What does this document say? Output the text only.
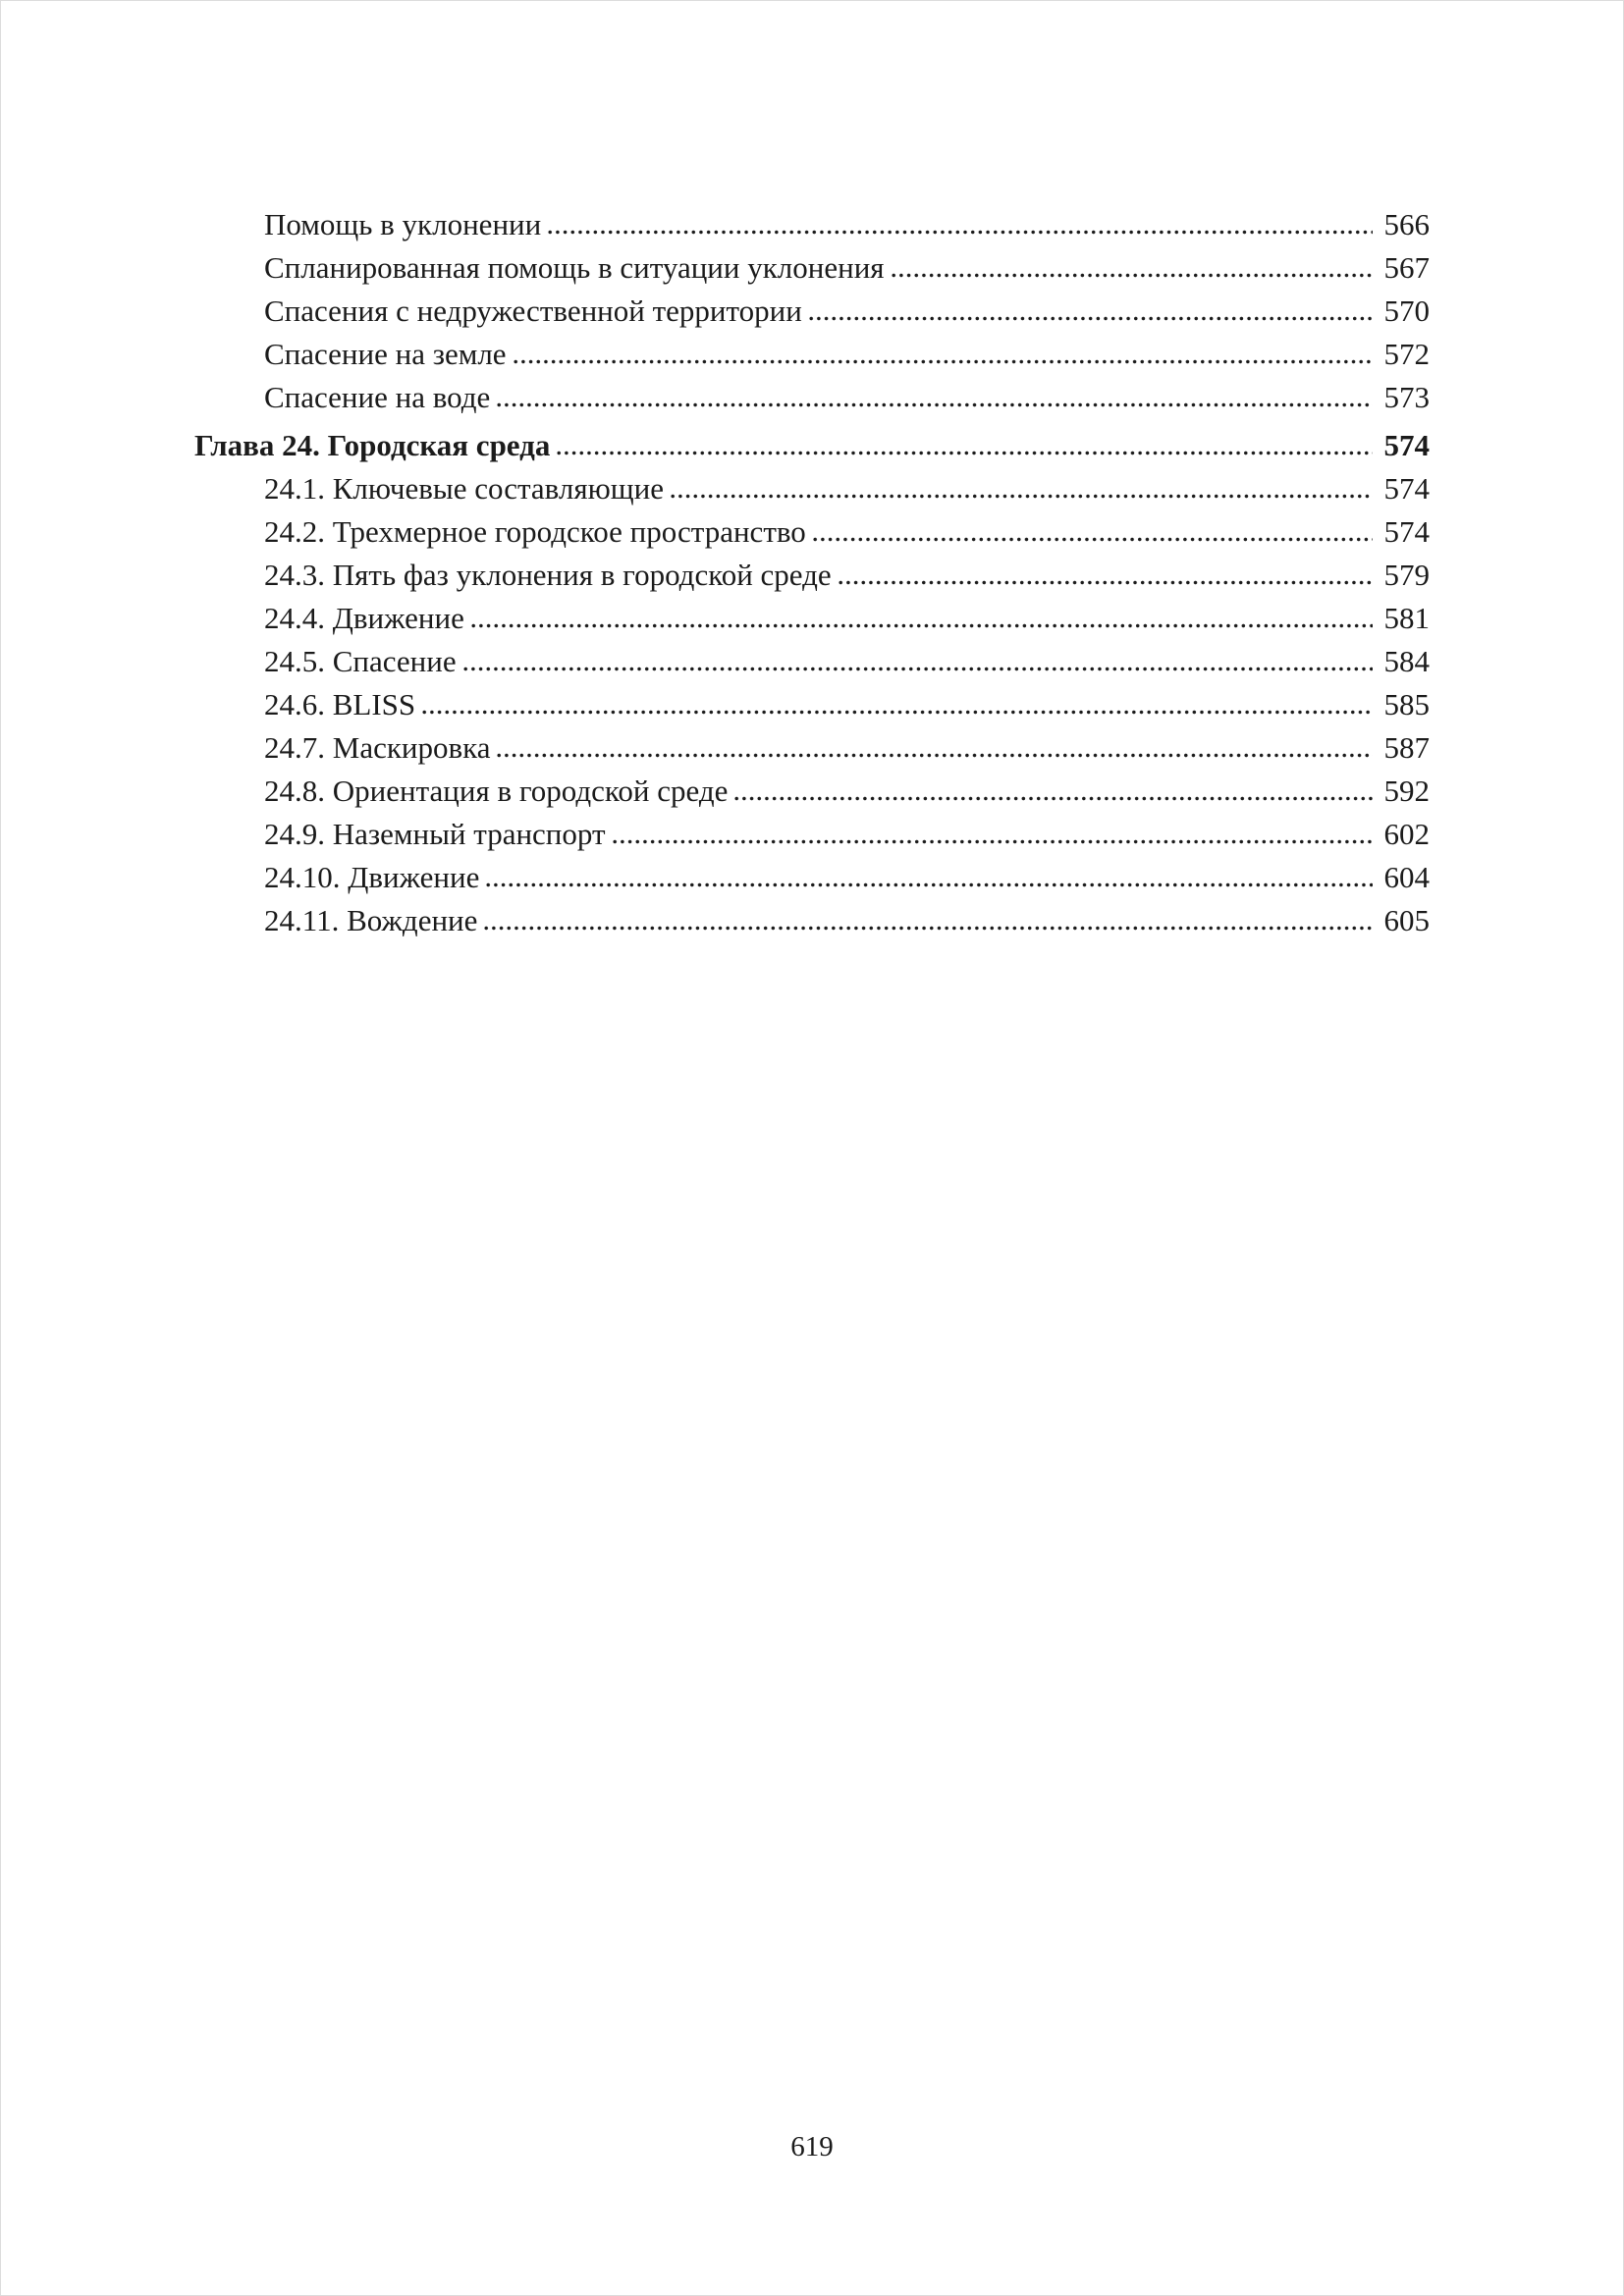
Помощь в уклонении	566
Спланированная помощь в ситуации уклонения	567
Спасения с недружественной территории	570
Спасение на земле	572
Спасение на воде	573
Глава 24. Городская среда	574
24.1. Ключевые составляющие	574
24.2. Трехмерное городское пространство	574
24.3. Пять фаз уклонения в городской среде	579
24.4. Движение	581
24.5. Спасение	584
24.6. BLISS	585
24.7. Маскировка	587
24.8. Ориентация в городской среде	592
24.9. Наземный транспорт	602
24.10. Движение	604
24.11. Вождение	605
619
